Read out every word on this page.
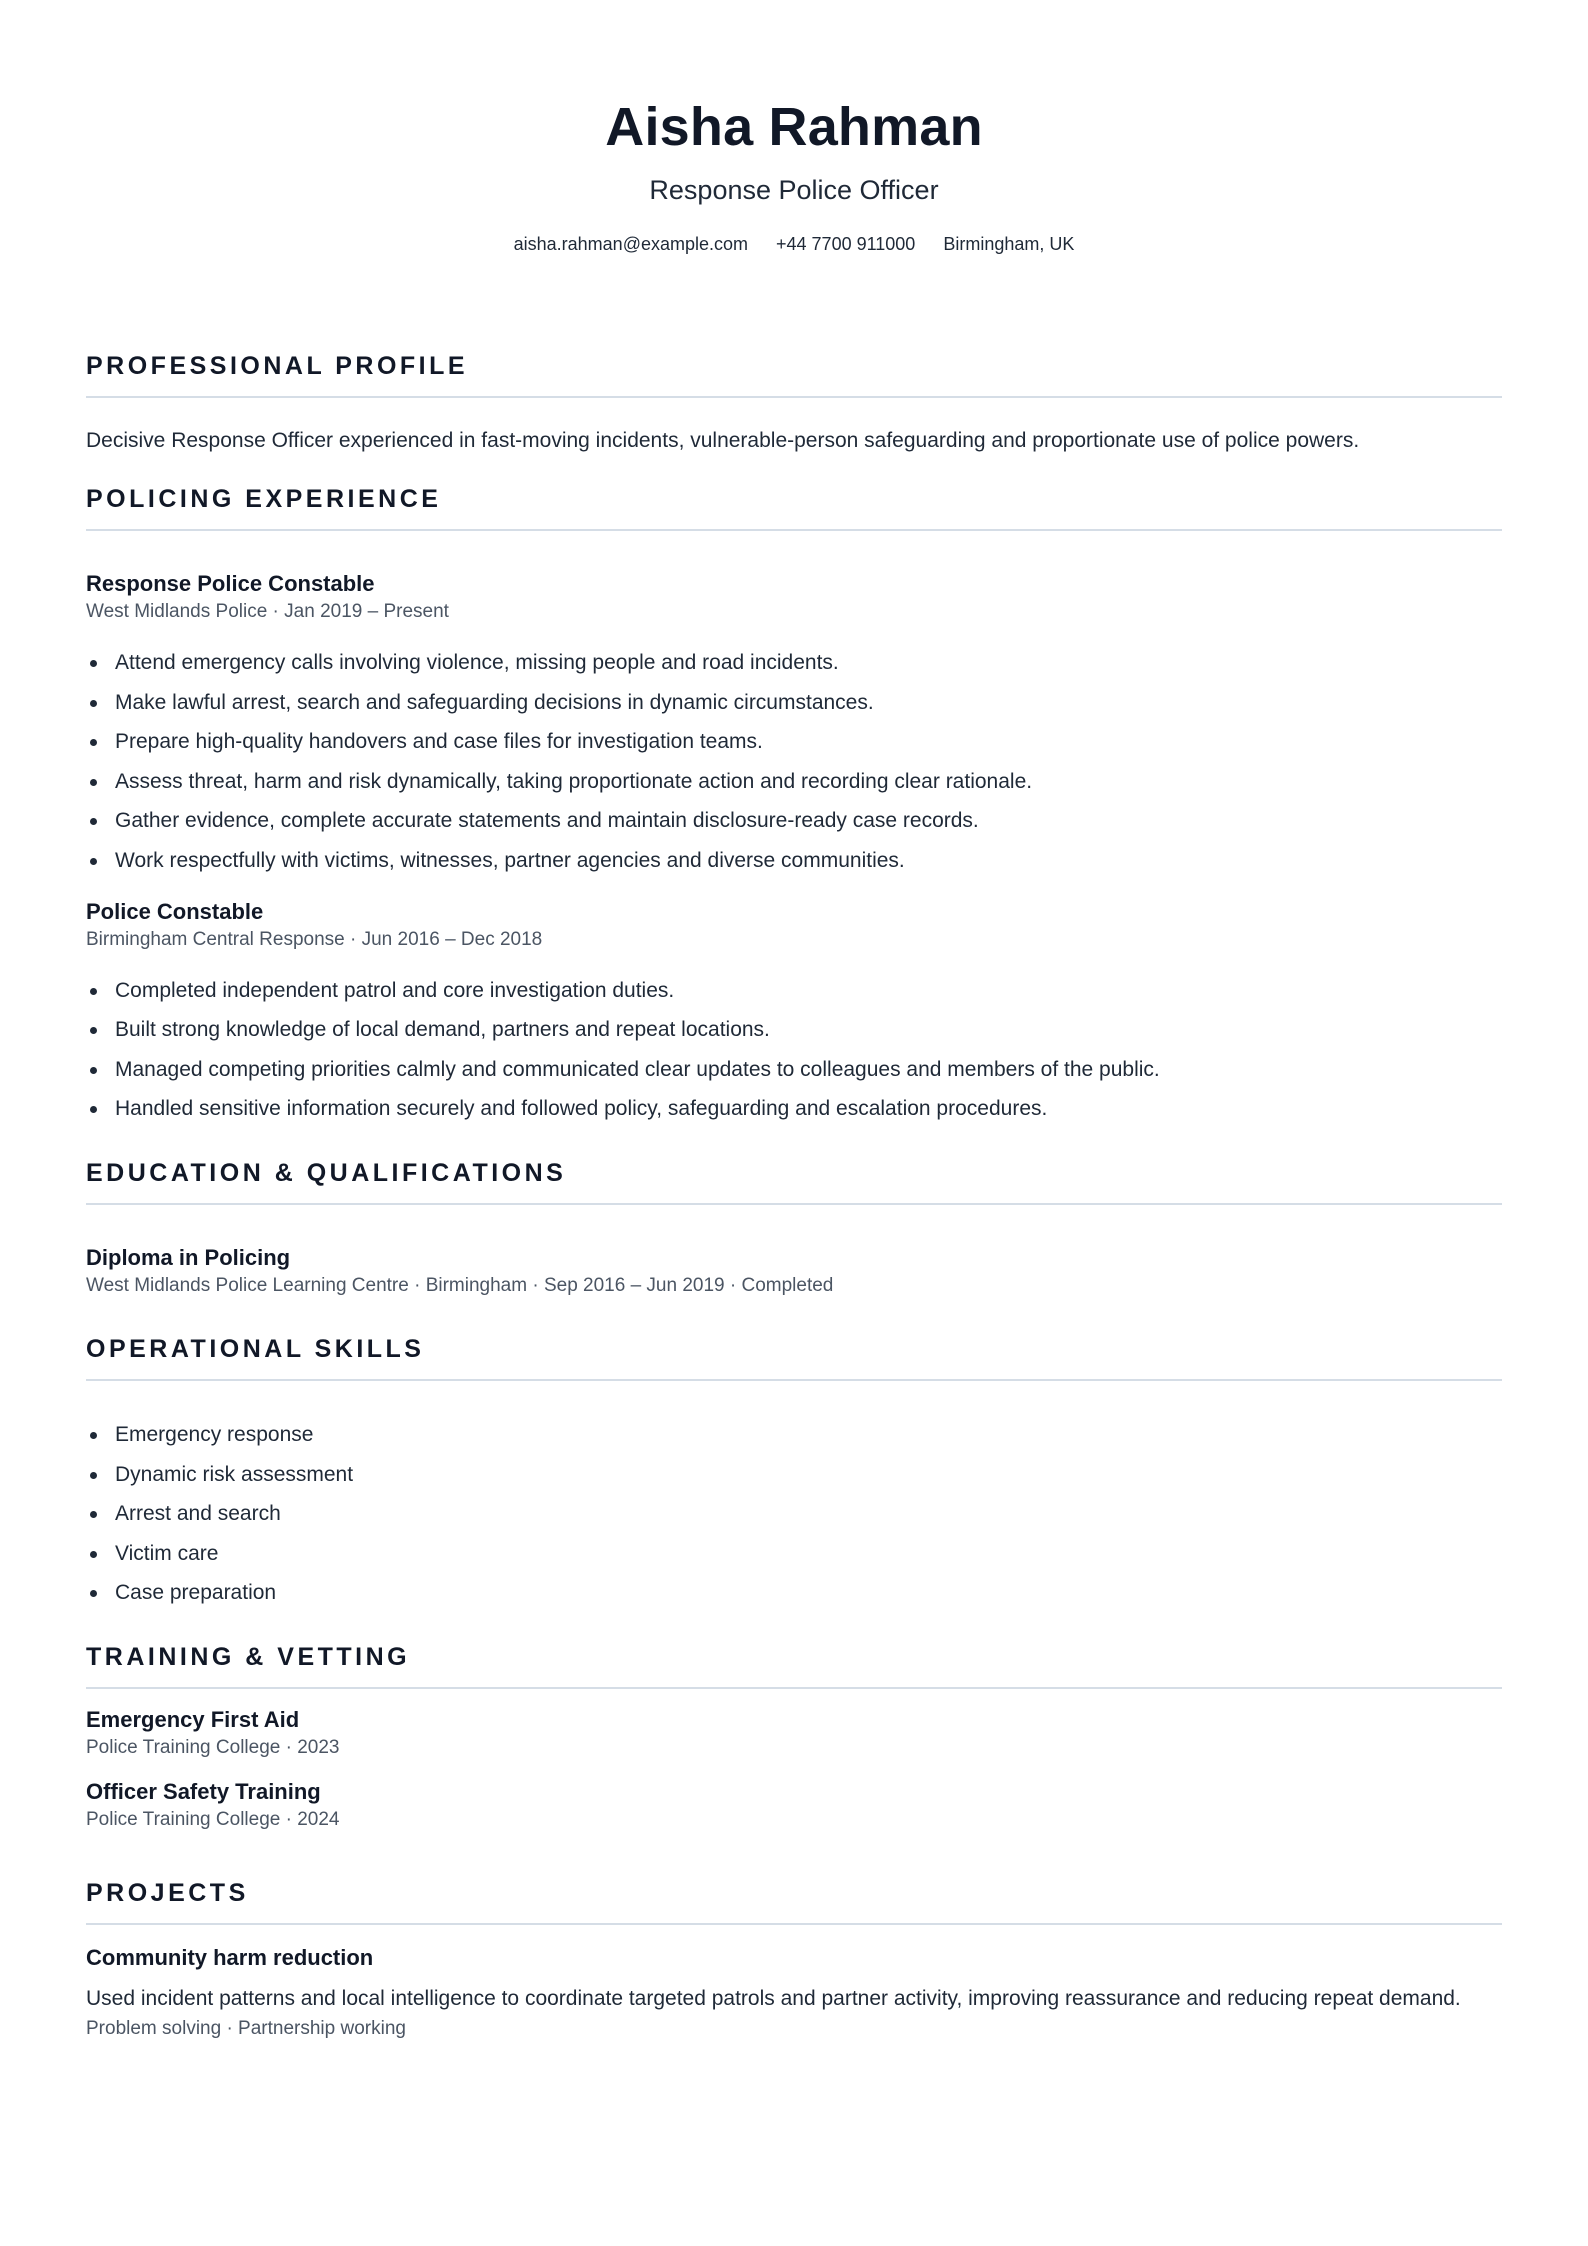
Aisha Rahman

Response Police Officer

aisha.rahman@example.com +44 7700 911000 Birmingham, UK
PROFESSIONAL PROFILE

Decisive Response Officer experienced in fast-moving incidents, vulnerable-person safeguarding and proportionate use of police powers.

POLICING EXPERIENCE

Response Police Constable

West Midlands Police · Jan 2019 – Present

Attend emergency calls involving violence, missing people and road incidents.
Make lawful arrest, search and safeguarding decisions in dynamic circumstances.
Prepare high-quality handovers and case files for investigation teams.
Assess threat, harm and risk dynamically, taking proportionate action and recording clear rationale.
Gather evidence, complete accurate statements and maintain disclosure-ready case records.
Work respectfully with victims, witnesses, partner agencies and diverse communities.

Police Constable

Birmingham Central Response · Jun 2016 – Dec 2018

Completed independent patrol and core investigation duties.
Built strong knowledge of local demand, partners and repeat locations.
Managed competing priorities calmly and communicated clear updates to colleagues and members of the public.
Handled sensitive information securely and followed policy, safeguarding and escalation procedures.
EDUCATION & QUALIFICATIONS

Diploma in Policing

West Midlands Police Learning Centre · Birmingham · Sep 2016 – Jun 2019 · Completed

OPERATIONAL SKILLS
Emergency response
Dynamic risk assessment
Arrest and search
Victim care
Case preparation
TRAINING & VETTING

Emergency First Aid

Police Training College · 2023

Officer Safety Training

Police Training College · 2024

PROJECTS

Community harm reduction

Used incident patterns and local intelligence to coordinate targeted patrols and partner activity, improving reassurance and reducing repeat demand.

Problem solving · Partnership working
